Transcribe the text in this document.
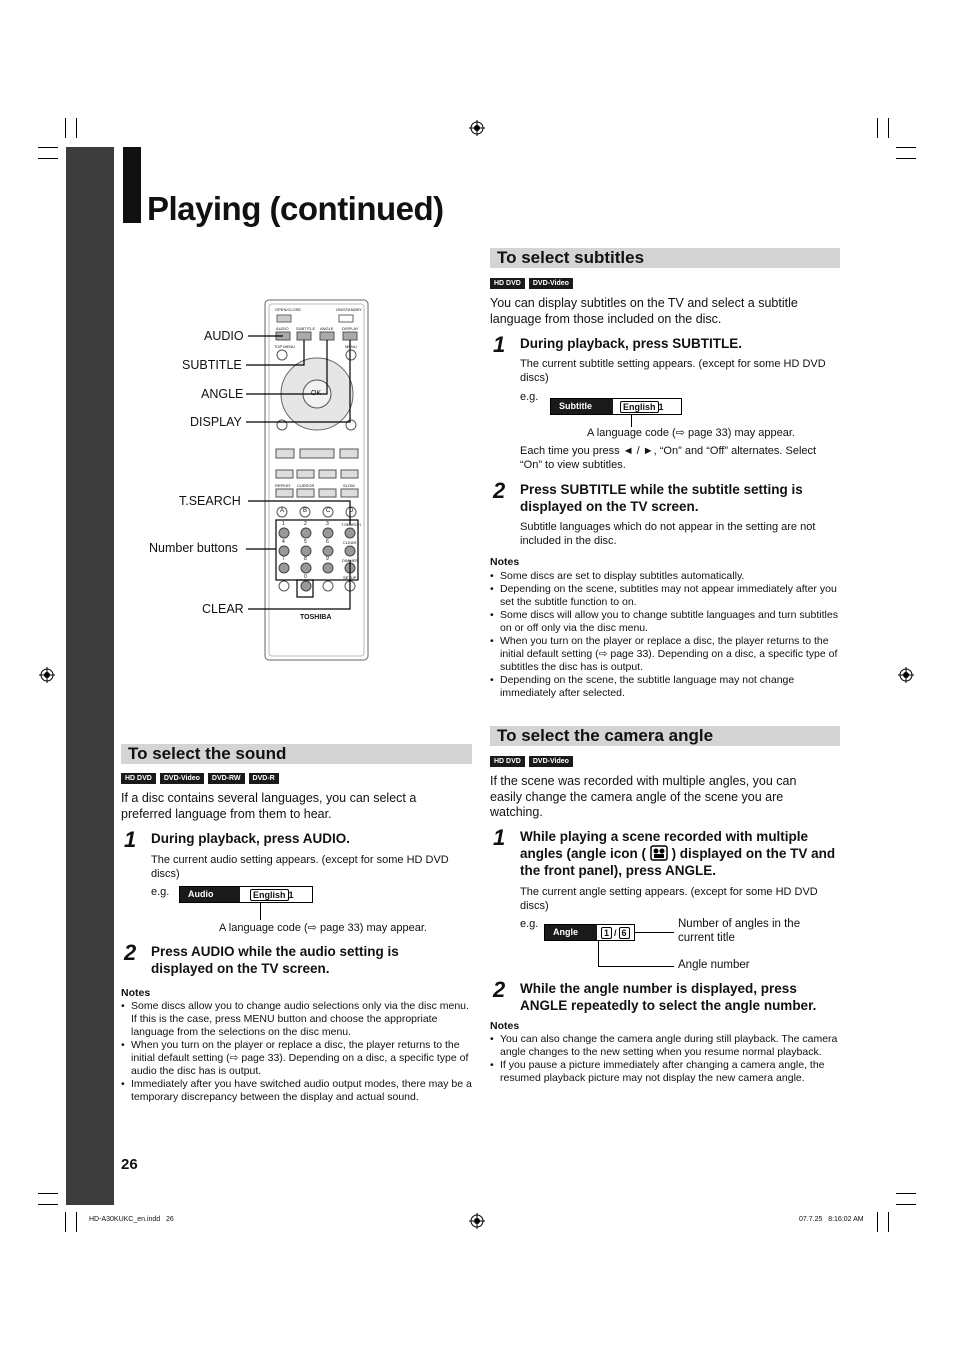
Playing (continued)
AUDIO
SUBTITLE
ANGLE
DISPLAY
T.SEARCH
Number buttons
CLEAR
OPEN/CLOSE	ON/STANDBY
AUDIO SUBTITLE ANGLE DISPLAY
TOP MENU	MENU
OK
REPEAT CURSOR	SLOW
T.SEARCH
CLEAR
DIMMER
SETUP
A	B	C	D
1	2	3
4	5	6
7	8	9
0
TOSHIBA
To select the sound
HD DVD	DVD-Video	DVD-RW	DVD-R
If a disc contains several languages, you can select a preferred language from them to hear.
1 During playback, press AUDIO.
The current audio setting appears. (except for some HD DVD discs)
e.g.	Audio	English 1
A language code (⇨ page 33) may appear.
2 Press AUDIO while the audio setting is displayed on the TV screen.
Notes
• Some discs allow you to change audio selections only via the disc menu. If this is the case, press MENU button and choose the appropriate language from the selections on the disc menu.
• When you turn on the player or replace a disc, the player returns to the initial default setting (⇨ page 33). Depending on a disc, a specific type of audio the disc has is output.
• Immediately after you have switched audio output modes, there may be a temporary discrepancy between the display and actual sound.
To select subtitles
HD DVD	DVD-Video
You can display subtitles on the TV and select a subtitle language from those included on the disc.
1 During playback, press SUBTITLE.
The current subtitle setting appears. (except for some HD DVD discs)
e.g.
Subtitle	English 1
A language code (⇨ page 33) may appear.
Each time you press ◄ / ►, “On” and “Off” alternates. Select “On” to view subtitles.
2 Press SUBTITLE while the subtitle setting is displayed on the TV screen.
Subtitle languages which do not appear in the setting are not included in the disc.
Notes
• Some discs are set to display subtitles automatically.
• Depending on the scene, subtitles may not appear immediately after you set the subtitle function to on.
• Some discs will allow you to change subtitle languages and turn subtitles on or off only via the disc menu.
• When you turn on the player or replace a disc, the player returns to the initial default setting (⇨ page 33). Depending on a disc, a specific type of subtitles the disc has is output.
• Depending on the scene, the subtitle language may not change immediately after selected.
To select the camera angle
HD DVD	DVD-Video
If the scene was recorded with multiple angles, you can easily change the camera angle of the scene you are watching.
1 While playing a scene recorded with multiple angles (angle icon ( ) displayed on the TV and the front panel), press ANGLE.
The current angle setting appears. (except for some HD DVD discs)
e.g.
Angle	1 / 6
Number of angles in the current title
Angle number
2 While the angle number is displayed, press ANGLE repeatedly to select the angle number.
Notes
• You can also change the camera angle during still playback. The camera angle changes to the new setting when you resume normal playback.
• If you pause a picture immediately after changing a camera angle, the resumed playback picture may not display the new camera angle.
26
HD-A30KUKC_en.indd   26	07.7.25   8:16:02 AM
